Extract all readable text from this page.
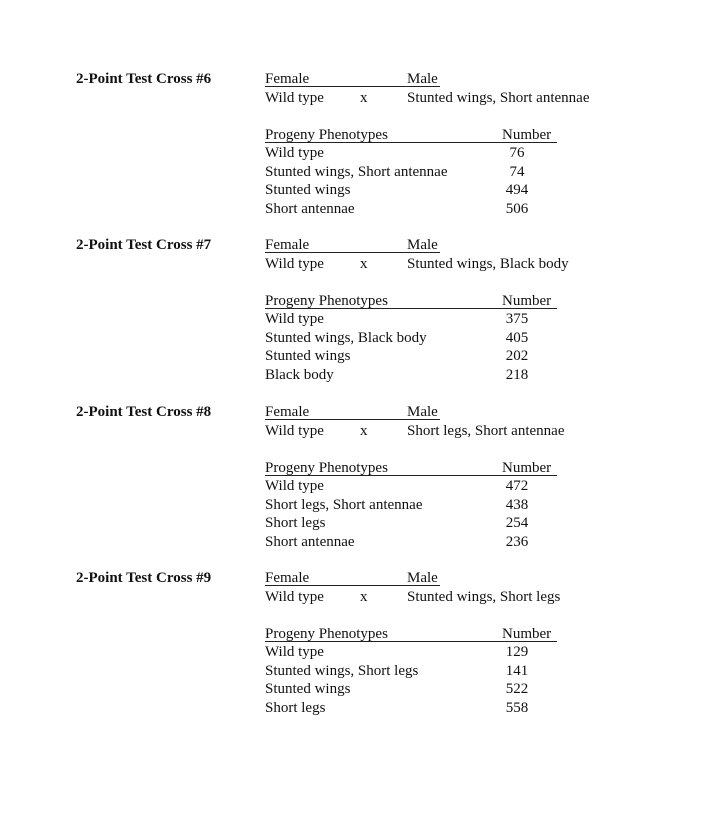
2-Point Test Cross #6	Female	Male
Wild type x	Stunted wings, Short antennae
Progeny Phenotypes	Number
Wild type	76
Stunted wings, Short antennae	74
Stunted wings	494
Short antennae	506
2-Point Test Cross #7	Female	Male
Wild type x	Stunted wings, Black body
Progeny Phenotypes	Number
Wild type	375
Stunted wings, Black body	405
Stunted wings	202
Black body	218
2-Point Test Cross #8	Female	Male
Wild type x	Short legs, Short antennae
Progeny Phenotypes	Number
Wild type	472
Short legs, Short antennae	438
Short legs	254
Short antennae	236
2-Point Test Cross #9	Female	Male
Wild type x	Stunted wings, Short legs
Progeny Phenotypes	Number
Wild type	129
Stunted wings, Short legs	141
Stunted wings	522
Short legs	558
